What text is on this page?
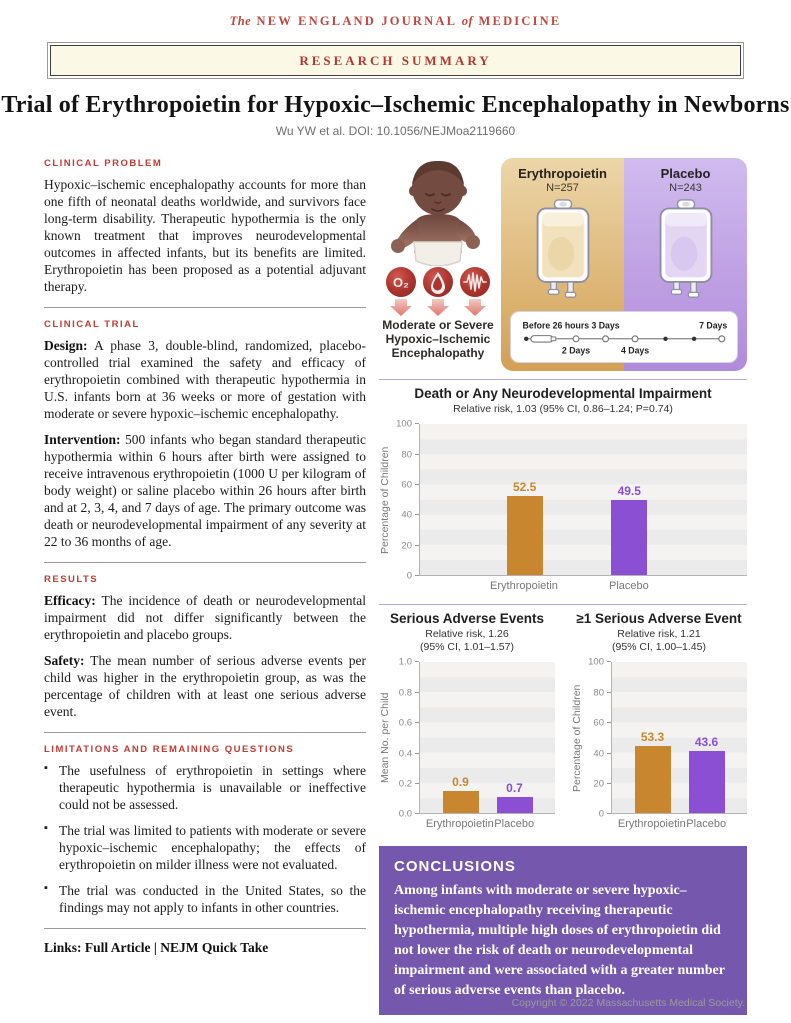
The NEW ENGLAND JOURNAL of MEDICINE
RESEARCH SUMMARY
Trial of Erythropoietin for Hypoxic–Ischemic Encephalopathy in Newborns
Wu YW et al. DOI: 10.1056/NEJMoa2119660
CLINICAL PROBLEM
Hypoxic–ischemic encephalopathy accounts for more than one fifth of neonatal deaths worldwide, and survivors face long-term disability. Therapeutic hypothermia is the only known treatment that improves neurodevelopmental outcomes in affected infants, but its benefits are limited. Erythropoietin has been proposed as a potential adjuvant therapy.
CLINICAL TRIAL
Design: A phase 3, double-blind, randomized, placebo-controlled trial examined the safety and efficacy of erythropoietin combined with therapeutic hypothermia in U.S. infants born at 36 weeks or more of gestation with moderate or severe hypoxic–ischemic encephalopathy.
Intervention: 500 infants who began standard therapeutic hypothermia within 6 hours after birth were assigned to receive intravenous erythropoietin (1000 U per kilogram of body weight) or saline placebo within 26 hours after birth and at 2, 3, 4, and 7 days of age. The primary outcome was death or neurodevelopmental impairment of any severity at 22 to 36 months of age.
RESULTS
Efficacy: The incidence of death or neurodevelopmental impairment did not differ significantly between the erythropoietin and placebo groups.
Safety: The mean number of serious adverse events per child was higher in the erythropoietin group, as was the percentage of children with at least one serious adverse event.
LIMITATIONS AND REMAINING QUESTIONS
▪ The usefulness of erythropoietin in settings where therapeutic hypothermia is unavailable or ineffective could not be assessed.
▪ The trial was limited to patients with moderate or severe hypoxic–ischemic encephalopathy; the effects of erythropoietin on milder illness were not evaluated.
▪ The trial was conducted in the United States, so the findings may not apply to infants in other countries.
Links: Full Article | NEJM Quick Take
O₂
Moderate or Severe
Hypoxic–Ischemic
Encephalopathy
Erythropoietin
N=257
Placebo
N=243
Before 26 hours 3 Days	7 Days
2 Days	4 Days
Death or Any Neurodevelopmental Impairment
Relative risk, 1.03 (95% CI, 0.86–1.24; P=0.74)
Percentage of Children
0
20
40
60
80
100
52.5	49.5
Erythropoietin	Placebo
Serious Adverse Events
Relative risk, 1.26
(95% CI, 1.01–1.57)
Mean No. per Child
0.0
0.2
0.4
0.6
0.8
1.0
0.9	0.7
Erythropoietin Placebo
≥1 Serious Adverse Event
Relative risk, 1.21
(95% CI, 1.00–1.45)
Percentage of Children
0
20
40
60
80
100
53.3	43.6
Erythropoietin Placebo
CONCLUSIONS
Among infants with moderate or severe hypoxic–ischemic encephalopathy receiving therapeutic hypothermia, multiple high doses of erythropoietin did not lower the risk of death or neurodevelopmental impairment and were associated with a greater number of serious adverse events than placebo.
Copyright © 2022 Massachusetts Medical Society.
